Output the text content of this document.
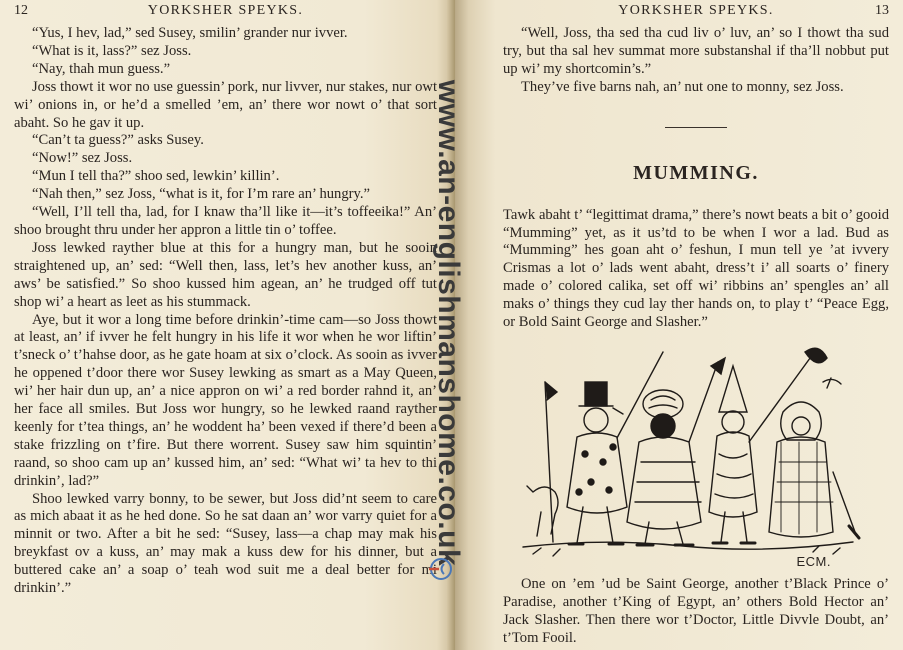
12	YORKSHER SPEYKS.

“Yus, I hev, lad,” sed Susey, smilin’ grander nur ivver.

“What is it, lass?” sez Joss.

“Nay, thah mun guess.”

Joss thowt it wor no use guessin’ pork, nur livver, nur stakes, nur owt wi’ onions in, or he’d a smelled ’em, an’ there wor nowt o’ that sort abaht. So he gav it up.

“Can’t ta guess?” asks Susey.

“Now!” sez Joss.

“Mun I tell tha?” shoo sed, lewkin’ killin’.

“Nah then,” sez Joss, “what is it, for I’m rare an’ hungry.”

“Well, I’ll tell tha, lad, for I knaw tha’ll like it—it’s toffeeika!” An’ shoo brought thru under her appron a little tin o’ toffee.

Joss lewked rayther blue at this for a hungry man, but he sooin straightened up, an’ sed: “Well then, lass, let’s hev another kuss, an’ aws’ be satisfied.” So shoo kussed him agean, an’ he trudged off tut shop wi’ a heart as leet as his stummack.

Aye, but it wor a long time before drinkin’-time cam—so Joss thowt at least, an’ if ivver he felt hungry in his life it wor when he wor liftin’ t’sneck o’ t’hahse door, as he gate hoam at six o’clock. As sooin as ivver he oppened t’door there wor Susey lewking as smart as a May Queen, wi’ her hair dun up, an’ a nice appron on wi’ a red border rahnd it, an’ her face all smiles. But Joss wor hungry, so he lewked raand rayther keenly for t’tea things, an’ he woddent ha’ been vexed if there’d been a stake frizzling on t’fire. But there worrent. Susey saw him squintin’ raand, so shoo cam up an’ kussed him, an’ sed: “What wi’ ta hev to thi drinkin’, lad?”

Shoo lewked varry bonny, to be sewer, but Joss did’nt seem to care as mich abaat it as he hed done. So he sat daan an’ wor varry quiet for a minnit or two. After a bit he sed: “Susey, lass—a chap may mak his breykfast ov a kuss, an’ may mak a kuss dew for his dinner, but a buttered cake an’ a soap o’ teah wod suit me a deal better for mi drinkin’.”

YORKSHER SPEYKS.	13

“Well, Joss, tha sed tha cud liv o’ luv, an’ so I thowt tha sud try, but tha sal hev summat more substanshal if tha’ll nobbut put up wi’ my shortcomin’s.”

They’ve five barns nah, an’ nut one to monny, sez Joss.

MUMMING.

Tawk abaht t’ “legittimat drama,” there’s nowt beats a bit o’ gooid “Mumming” yet, as it us’td to be when I wor a lad. Bud as “Mumming” hes goan aht o’ feshun, I mun tell ye ’at ivvery Crismas a lot o’ lads went abaht, dress’t i’ all soarts o’ finery made o’ colored calika, set off wi’ ribbins an’ spengles an’ all maks o’ things they cud lay ther hands on, to play t’ “Peace Egg, or Bold Saint George and Slasher.”

ECM.

One on ’em ’ud be Saint George, another t’Black Prince o’ Paradise, another t’King of Egypt, an’ others Bold Hector an’ Jack Slasher. Then there wor t’Doctor, Little Divvle Doubt, an’ t’Tom Fooil.

www.an-englishmanshome.co.uk
